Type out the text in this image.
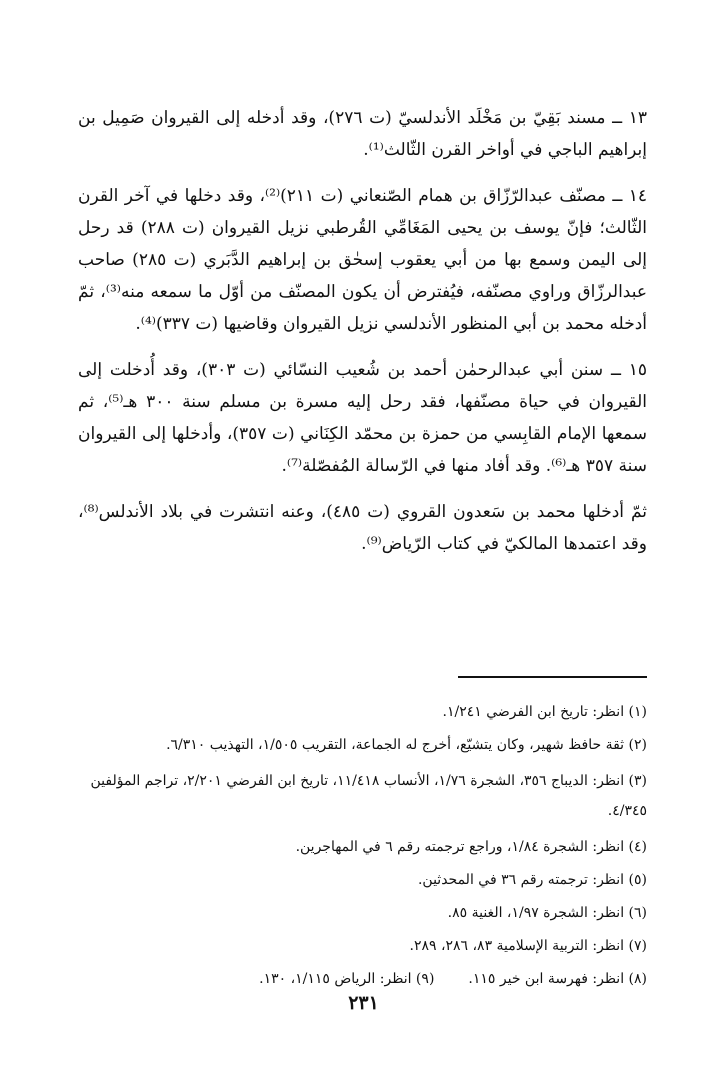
١٣ ــ مسند بَقِيّ بن مَخْلَد الأندلسيّ (ت ٢٧٦)، وقد أدخله إلى القيروان صَمِيل بن إبراهيم الباجي في أواخر القرن الثّالث⁽¹⁾.

١٤ ــ مصنّف عبدالرّزّاق بن همام الصّنعاني (ت ٢١١)⁽²⁾، وقد دخلها في آخر القرن الثّالث؛ فإنّ يوسف بن يحيى المَغَامِّي القُرطبي نزيل القيروان (ت ٢٨٨) قد رحل إلى اليمن وسمع بها من أبي يعقوب إسحٰق بن إبراهيم الدَّبَري (ت ٢٨٥) صاحب عبدالرزّاق وراوي مصنّفه، فيُفترض أن يكون المصنّف من أوّل ما سمعه منه⁽³⁾، ثمّ أدخله محمد بن أبي المنظور الأندلسي نزيل القيروان وقاضيها (ت ٣٣٧)⁽⁴⁾.

١٥ ــ سنن أبي عبدالرحمٰن أحمد بن شُعيب النسّائي (ت ٣٠٣)، وقد أُدخلت إلى القيروان في حياة مصنّفها، فقد رحل إليه مسرة بن مسلم سنة ٣٠٠ هـ⁽⁵⁾، ثم سمعها الإمام القابِسي من حمزة بن محمّد الكِنَاني (ت ٣٥٧)، وأدخلها إلى القيروان سنة ٣٥٧ هـ⁽⁶⁾. وقد أفاد منها في الرّسالة المُفصّلة⁽⁷⁾.

ثمّ أدخلها محمد بن سَعدون القروي (ت ٤٨٥)، وعنه انتشرت في بلاد الأندلس⁽⁸⁾، وقد اعتمدها المالكيّ في كتاب الرّياض⁽⁹⁾.

(١) انظر: تاريخ ابن الفرضي ١/٢٤١.
(٢) ثقة حافظ شهير، وكان يتشيّع، أخرج له الجماعة، التقريب ١/٥٠٥، التهذيب ٦/٣١٠.
(٣) انظر: الديباج ٣٥٦، الشجرة ١/٧٦، الأنساب ١١/٤١٨، تاريخ ابن الفرضي ٢/٢٠١، تراجم المؤلفين ٤/٣٤٥.
(٤) انظر: الشجرة ١/٨٤، وراجع ترجمته رقم ٦ في المهاجرين.
(٥) انظر: ترجمته رقم ٣٦ في المحدثين.
(٦) انظر: الشجرة ١/٩٧، الغنية ٨٥.
(٧) انظر: التربية الإسلامية ٨٣، ٢٨٦، ٢٨٩.
(٨) انظر: فهرسة ابن خير ١١٥.
(٩) انظر: الرياض ١/١١٥، ١٣٠.
٢٣١
